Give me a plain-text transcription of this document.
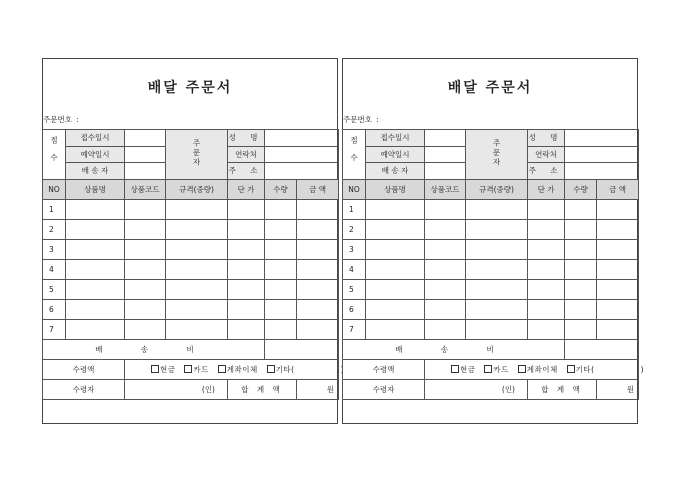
배달 주문서
주문번호 :
접수	접수일시		주문자	성 명		
	예약일시			연락처		
	배 송 자			주 소		
NO	상품명	상품코드	규격(중량)	단 가	수량	금 액
1						
2						
3						
4						
5						
6						
7						
배 송 비						
수령액		현금 카드 계좌이체 기타(				
수령자		(인)		합 계 액		원
배달 주문서
주문번호 :
접수	접수일시		주문자	성 명		
	예약일시			연락처		
	배 송 자			주 소		
NO	상품명	상품코드	규격(중량)	단 가	수량	금 액
1						
2						
3						
4						
5						
6						
7						
배 송 비						
수령액		현금 카드 계좌이체 기타( )				
수령자		(인)		합 계 액		원
